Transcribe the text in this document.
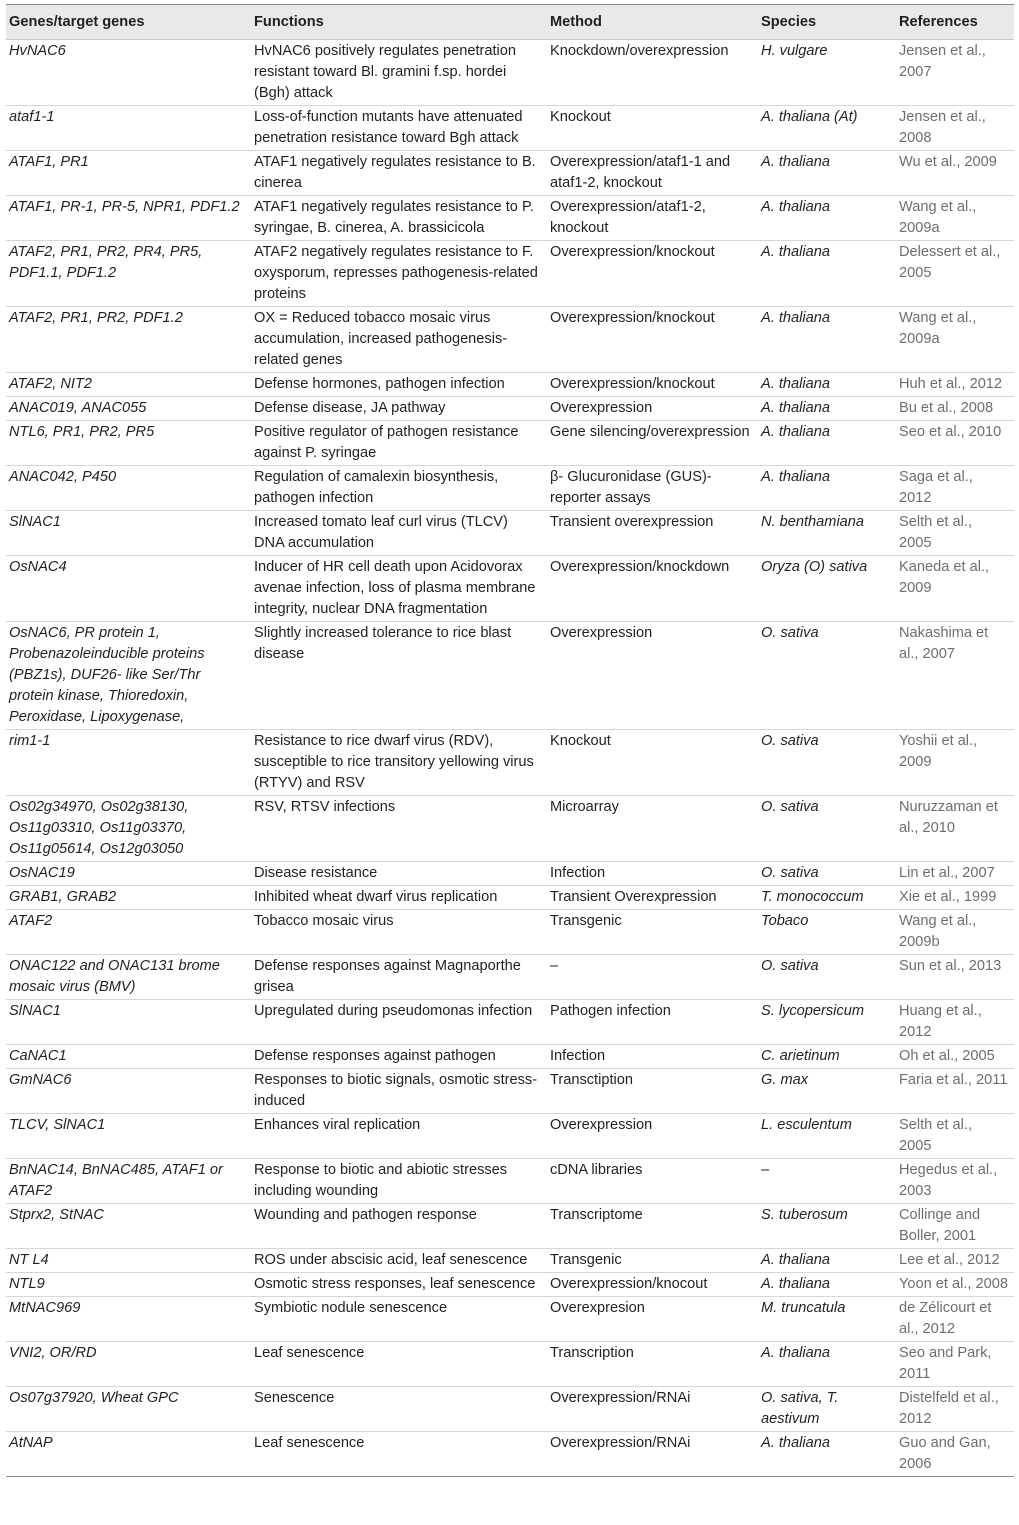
Genes/target genes	Functions	Method	Species	References
HvNAC6	HvNAC6 positively regulates penetration resistant toward Bl. gramini f.sp. hordei (Bgh) attack	Knockdown/overexpression	H. vulgare	Jensen et al., 2007
ataf1-1	Loss-of-function mutants have attenuated penetration resistance toward Bgh attack	Knockout	A. thaliana (At)	Jensen et al., 2008
ATAF1, PR1	ATAF1 negatively regulates resistance to B. cinerea	Overexpression/ataf1-1 and ataf1-2, knockout	A. thaliana	Wu et al., 2009
ATAF1, PR-1, PR-5, NPR1, PDF1.2	ATAF1 negatively regulates resistance to P. syringae, B. cinerea, A. brassicicola	Overexpression/ataf1-2, knockout	A. thaliana	Wang et al., 2009a
ATAF2, PR1, PR2, PR4, PR5, PDF1.1, PDF1.2	ATAF2 negatively regulates resistance to F. oxysporum, represses pathogenesis-related proteins	Overexpression/knockout	A. thaliana	Delessert et al., 2005
ATAF2, PR1, PR2, PDF1.2	OX = Reduced tobacco mosaic virus accumulation, increased pathogenesis-related genes	Overexpression/knockout	A. thaliana	Wang et al., 2009a
ATAF2, NIT2	Defense hormones, pathogen infection	Overexpression/knockout	A. thaliana	Huh et al., 2012
ANAC019, ANAC055	Defense disease, JA pathway	Overexpression	A. thaliana	Bu et al., 2008
NTL6, PR1, PR2, PR5	Positive regulator of pathogen resistance against P. syringae	Gene silencing/overexpression	A. thaliana	Seo et al., 2010
ANAC042, P450	Regulation of camalexin biosynthesis, pathogen infection	β- Glucuronidase (GUS)-reporter assays	A. thaliana	Saga et al., 2012
SlNAC1	Increased tomato leaf curl virus (TLCV) DNA accumulation	Transient overexpression	N. benthamiana	Selth et al., 2005
OsNAC4	Inducer of HR cell death upon Acidovorax avenae infection, loss of plasma membrane integrity, nuclear DNA fragmentation	Overexpression/knockdown	Oryza (O) sativa	Kaneda et al., 2009
OsNAC6, PR protein 1, Probenazoleinducible proteins (PBZ1s), DUF26- like Ser/Thr protein kinase, Thioredoxin, Peroxidase, Lipoxygenase,	Slightly increased tolerance to rice blast disease	Overexpression	O. sativa	Nakashima et al., 2007
rim1-1	Resistance to rice dwarf virus (RDV), susceptible to rice transitory yellowing virus (RTYV) and RSV	Knockout	O. sativa	Yoshii et al., 2009
Os02g34970, Os02g38130, Os11g03310, Os11g03370, Os11g05614, Os12g03050	RSV, RTSV infections	Microarray	O. sativa	Nuruzzaman et al., 2010
OsNAC19	Disease resistance	Infection	O. sativa	Lin et al., 2007
GRAB1, GRAB2	Inhibited wheat dwarf virus replication	Transient Overexpression	T. monococcum	Xie et al., 1999
ATAF2	Tobacco mosaic virus	Transgenic	Tobaco	Wang et al., 2009b
ONAC122 and ONAC131 brome mosaic virus (BMV)	Defense responses against Magnaporthe grisea	–	O. sativa	Sun et al., 2013
SlNAC1	Upregulated during pseudomonas infection	Pathogen infection	S. lycopersicum	Huang et al., 2012
CaNAC1	Defense responses against pathogen	Infection	C. arietinum	Oh et al., 2005
GmNAC6	Responses to biotic signals, osmotic stress-induced	Transctiption	G. max	Faria et al., 2011
TLCV, SlNAC1	Enhances viral replication	Overexpression	L. esculentum	Selth et al., 2005
BnNAC14, BnNAC485, ATAF1 or ATAF2	Response to biotic and abiotic stresses including wounding	cDNA libraries	–	Hegedus et al., 2003
Stprx2, StNAC	Wounding and pathogen response	Transcriptome	S. tuberosum	Collinge and Boller, 2001
NT L4	ROS under abscisic acid, leaf senescence	Transgenic	A. thaliana	Lee et al., 2012
NTL9	Osmotic stress responses, leaf senescence	Overexpression/knocout	A. thaliana	Yoon et al., 2008
MtNAC969	Symbiotic nodule senescence	Overexpresion	M. truncatula	de Zélicourt et al., 2012
VNI2, OR/RD	Leaf senescence	Transcription	A. thaliana	Seo and Park, 2011
Os07g37920, Wheat GPC	Senescence	Overexpression/RNAi	O. sativa, T. aestivum	Distelfeld et al., 2012
AtNAP	Leaf senescence	Overexpression/RNAi	A. thaliana	Guo and Gan, 2006
